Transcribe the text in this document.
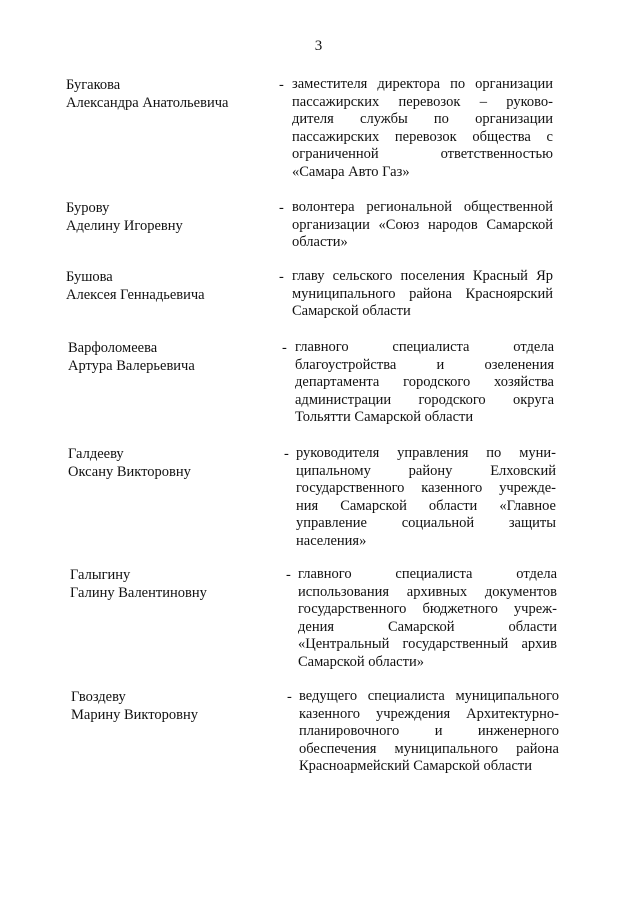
3
Бугакова
Александра Анатольевича
- заместителя директора по организации
пассажирских перевозок – руково-
дителя службы по организации
пассажирских перевозок общества с
ограниченной ответственностью
«Самара Авто Газ»
Бурову
Аделину Игоревну
- волонтера региональной общественной
организации «Союз народов Самарской
области»
Бушова
Алексея Геннадьевича
- главу сельского поселения Красный Яр
муниципального района Красноярский
Самарской области
Варфоломеева
Артура Валерьевича
- главного специалиста отдела
благоустройства и озеленения
департамента городского хозяйства
администрации городского округа
Тольятти Самарской области
Галдееву
Оксану Викторовну
- руководителя управления по муни-
ципальному району Елховский
государственного казенного учрежде-
ния Самарской области «Главное
управление социальной защиты
населения»
Галыгину
Галину Валентиновну
- главного специалиста отдела
использования архивных документов
государственного бюджетного учреж-
дения Самарской области
«Центральный государственный архив
Самарской области»
Гвоздеву
Марину Викторовну
- ведущего специалиста муниципального
казенного учреждения Архитектурно-
планировочного и инженерного
обеспечения муниципального района
Красноармейский Самарской области
